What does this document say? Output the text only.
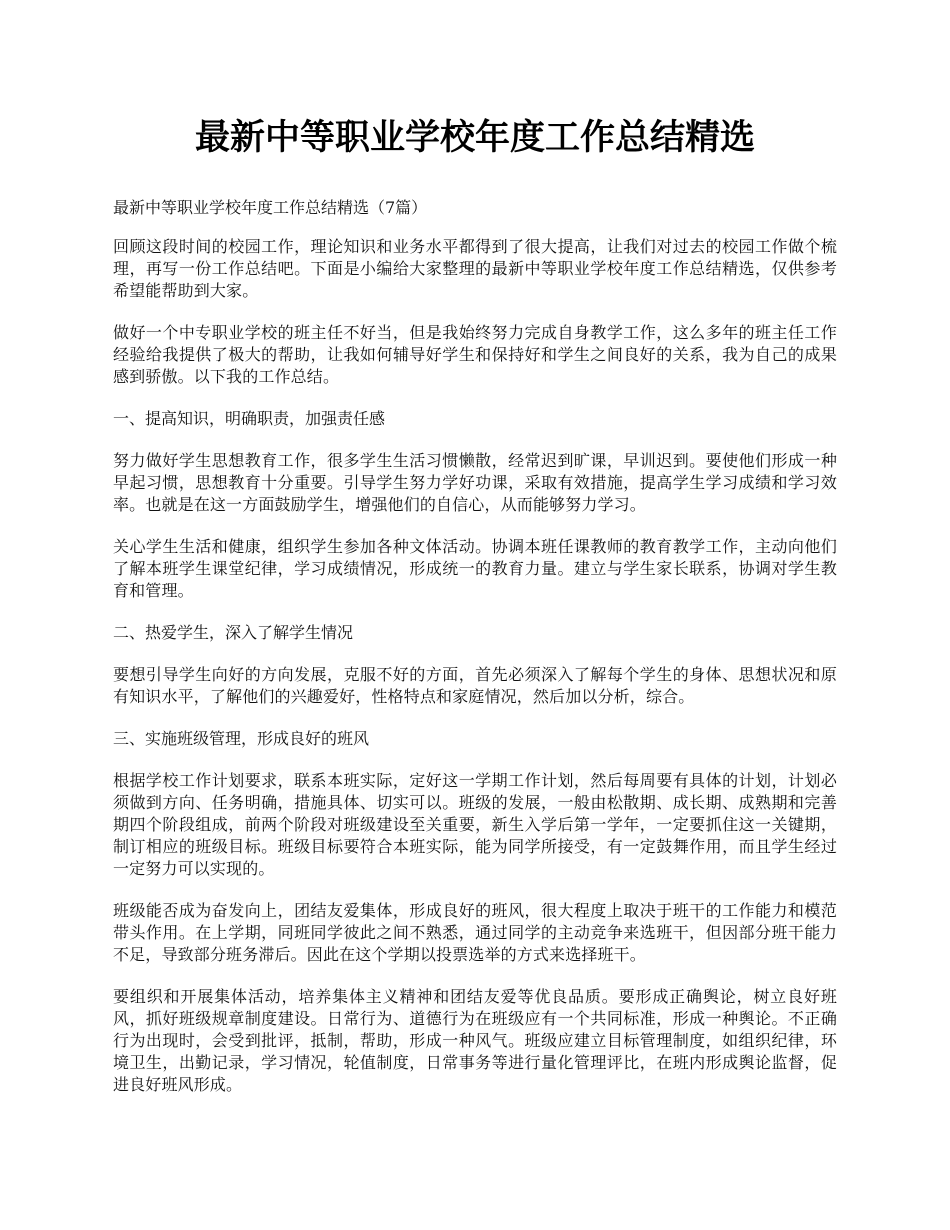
最新中等职业学校年度工作总结精选
最新中等职业学校年度工作总结精选（7篇）

回顾这段时间的校园工作，理论知识和业务水平都得到了很大提高，让我们对过去的校园工作做个梳理，再写一份工作总结吧。下面是小编给大家整理的最新中等职业学校年度工作总结精选，仅供参考希望能帮助到大家。

做好一个中专职业学校的班主任不好当，但是我始终努力完成自身教学工作，这么多年的班主任工作经验给我提供了极大的帮助，让我如何辅导好学生和保持好和学生之间良好的关系，我为自己的成果感到骄傲。以下我的工作总结。

一、提高知识，明确职责，加强责任感

努力做好学生思想教育工作，很多学生生活习惯懒散，经常迟到旷课，早训迟到。要使他们形成一种早起习惯，思想教育十分重要。引导学生努力学好功课，采取有效措施，提高学生学习成绩和学习效率。也就是在这一方面鼓励学生，增强他们的自信心，从而能够努力学习。

关心学生生活和健康，组织学生参加各种文体活动。协调本班任课教师的教育教学工作，主动向他们了解本班学生课堂纪律，学习成绩情况，形成统一的教育力量。建立与学生家长联系，协调对学生教育和管理。

二、热爱学生，深入了解学生情况

要想引导学生向好的方向发展，克服不好的方面，首先必须深入了解每个学生的身体、思想状况和原有知识水平，了解他们的兴趣爱好，性格特点和家庭情况，然后加以分析，综合。

三、实施班级管理，形成良好的班风

根据学校工作计划要求，联系本班实际，定好这一学期工作计划，然后每周要有具体的计划，计划必须做到方向、任务明确，措施具体、切实可以。班级的发展，一般由松散期、成长期、成熟期和完善期四个阶段组成，前两个阶段对班级建设至关重要，新生入学后第一学年，一定要抓住这一关键期，制订相应的班级目标。班级目标要符合本班实际，能为同学所接受，有一定鼓舞作用，而且学生经过一定努力可以实现的。

班级能否成为奋发向上，团结友爱集体，形成良好的班风，很大程度上取决于班干的工作能力和模范带头作用。在上学期，同班同学彼此之间不熟悉，通过同学的主动竞争来选班干，但因部分班干能力不足，导致部分班务滞后。因此在这个学期以投票选举的方式来选择班干。

要组织和开展集体活动，培养集体主义精神和团结友爱等优良品质。要形成正确舆论，树立良好班风，抓好班级规章制度建设。日常行为、道德行为在班级应有一个共同标准，形成一种舆论。不正确行为出现时，会受到批评，抵制，帮助，形成一种风气。班级应建立目标管理制度，如组织纪律，环境卫生，出勤记录，学习情况，轮值制度，日常事务等进行量化管理评比，在班内形成舆论监督，促进良好班风形成。
